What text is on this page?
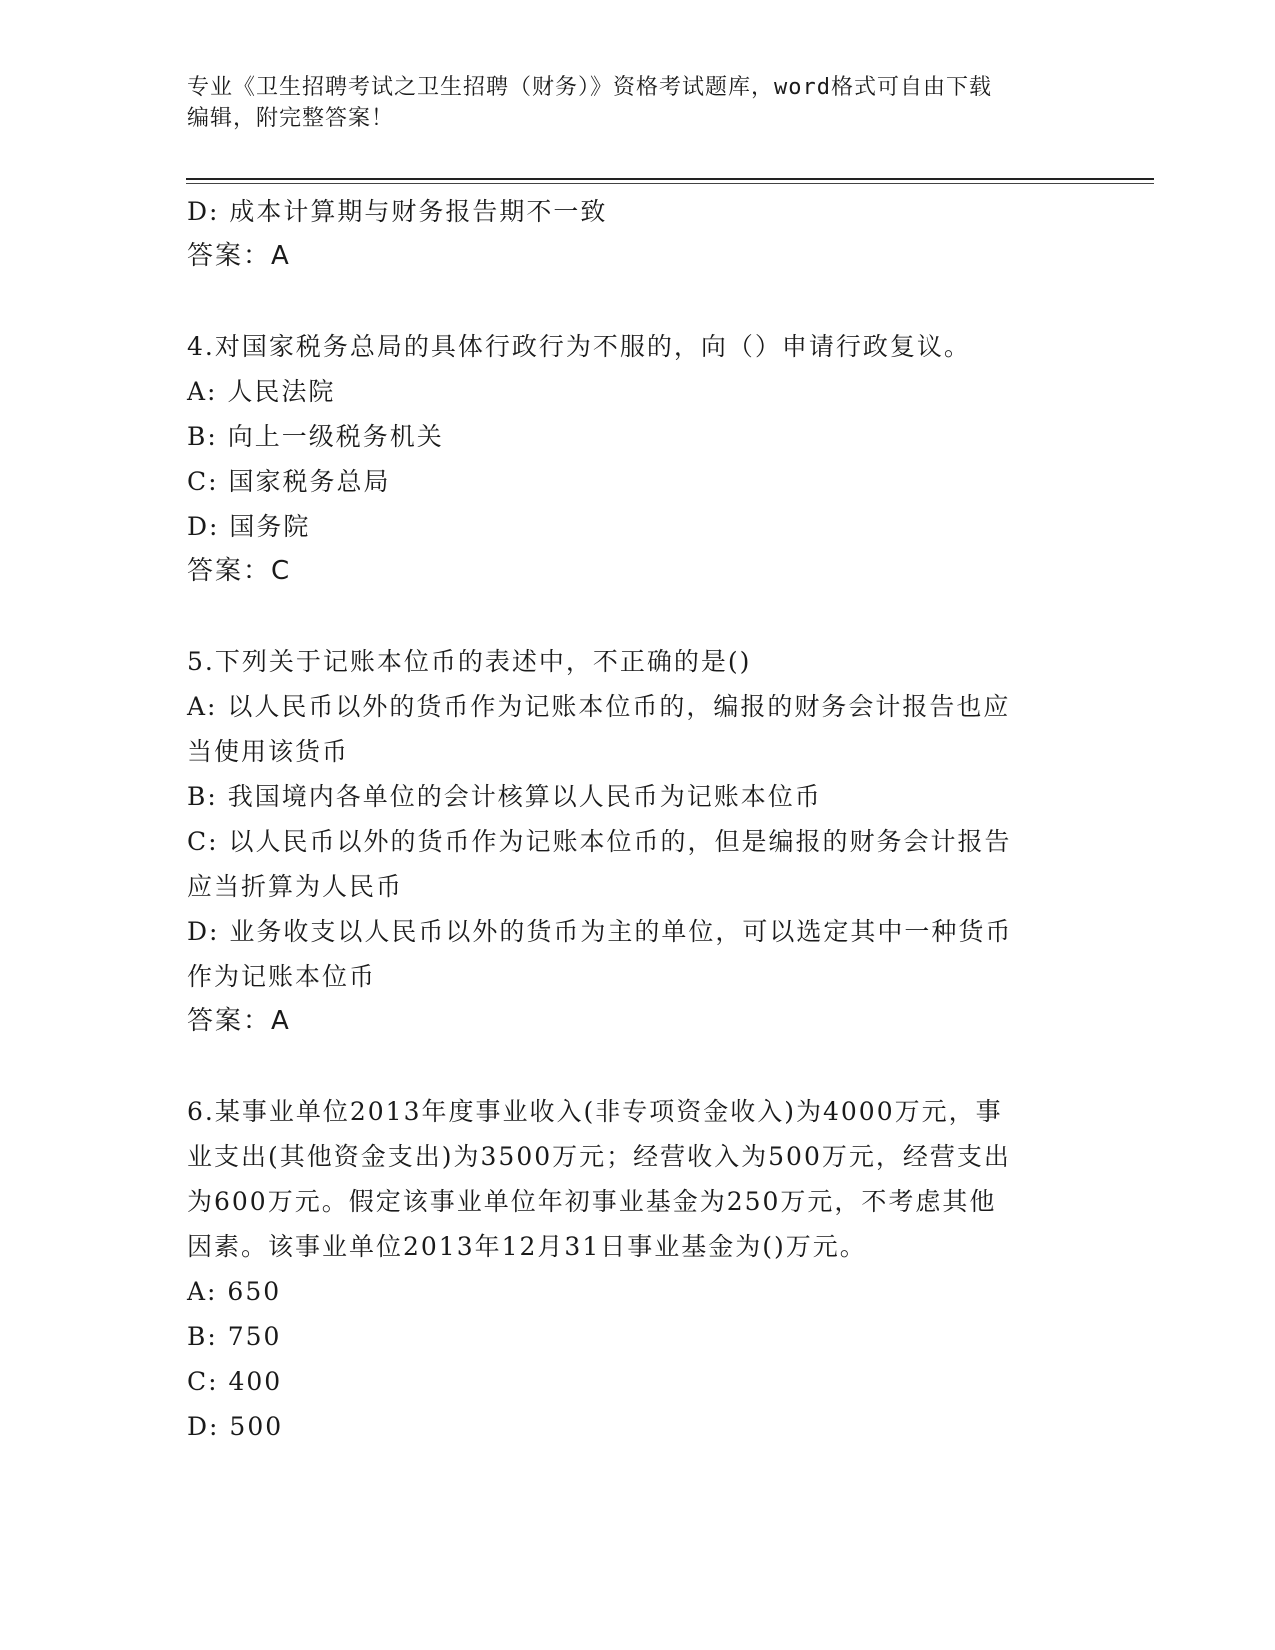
专业《卫生招聘考试之卫生招聘（财务）》资格考试题库，word格式可自由下载
编辑，附完整答案！
D: 成本计算期与财务报告期不一致
答案：A
4.对国家税务总局的具体行政行为不服的，向（）申请行政复议。
A: 人民法院
B: 向上一级税务机关
C: 国家税务总局
D: 国务院
答案：C
5.下列关于记账本位币的表述中，不正确的是()
A: 以人民币以外的货币作为记账本位币的，编报的财务会计报告也应
当使用该货币
B: 我国境内各单位的会计核算以人民币为记账本位币
C: 以人民币以外的货币作为记账本位币的，但是编报的财务会计报告
应当折算为人民币
D: 业务收支以人民币以外的货币为主的单位，可以选定其中一种货币
作为记账本位币
答案：A
6.某事业单位2013年度事业收入(非专项资金收入)为4000万元，事
业支出(其他资金支出)为3500万元；经营收入为500万元，经营支出
为600万元。假定该事业单位年初事业基金为250万元，不考虑其他
因素。该事业单位2013年12月31日事业基金为()万元。
A: 650
B: 750
C: 400
D: 500
